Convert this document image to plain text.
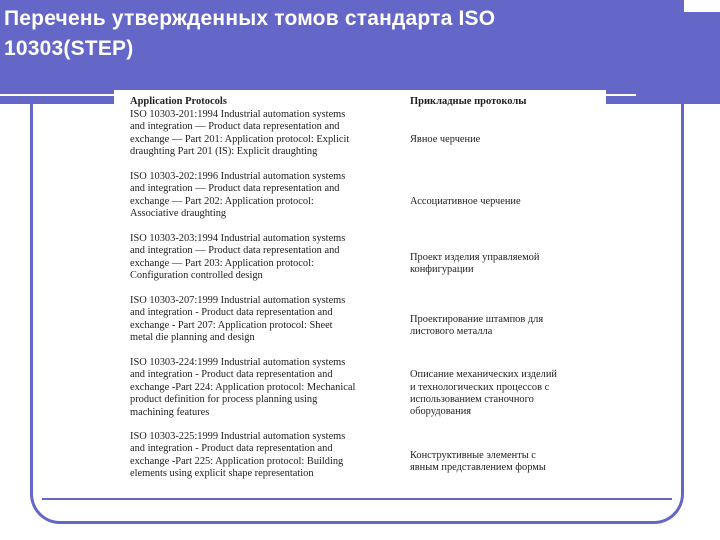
Перечень утвержденных томов стандарта ISO
10303(STEP)
Application Protocols	Прикладные протоколы
ISO 10303-201:1994 Industrial automation systems
and integration — Product data representation and
exchange — Part 201: Application protocol: Explicit
draughting Part 201 (IS): Explicit draughting
Явное черчение
ISO 10303-202:1996 Industrial automation systems
and integration — Product data representation and
exchange — Part 202: Application protocol:
Associative draughting
Ассоциативное черчение
ISO 10303-203:1994 Industrial automation systems
and integration — Product data representation and
exchange — Part 203: Application protocol:
Configuration controlled design
Проект изделия управляемой
конфигурации
ISO 10303-207:1999 Industrial automation systems
and integration - Product data representation and
exchange - Part 207: Application protocol: Sheet
metal die planning and design
Проектирование штампов для
листового металла
ISO 10303-224:1999 Industrial automation systems
and integration - Product data representation and
exchange -Part 224: Application protocol: Mechanical
product definition for process planning using
machining features
Описание механических изделий
и технологических процессов с
использованием станочного
оборудования
ISO 10303-225:1999 Industrial automation systems
and integration - Product data representation and
exchange -Part 225: Application protocol: Building
elements using explicit shape representation
Конструктивные элементы с
явным представлением формы
